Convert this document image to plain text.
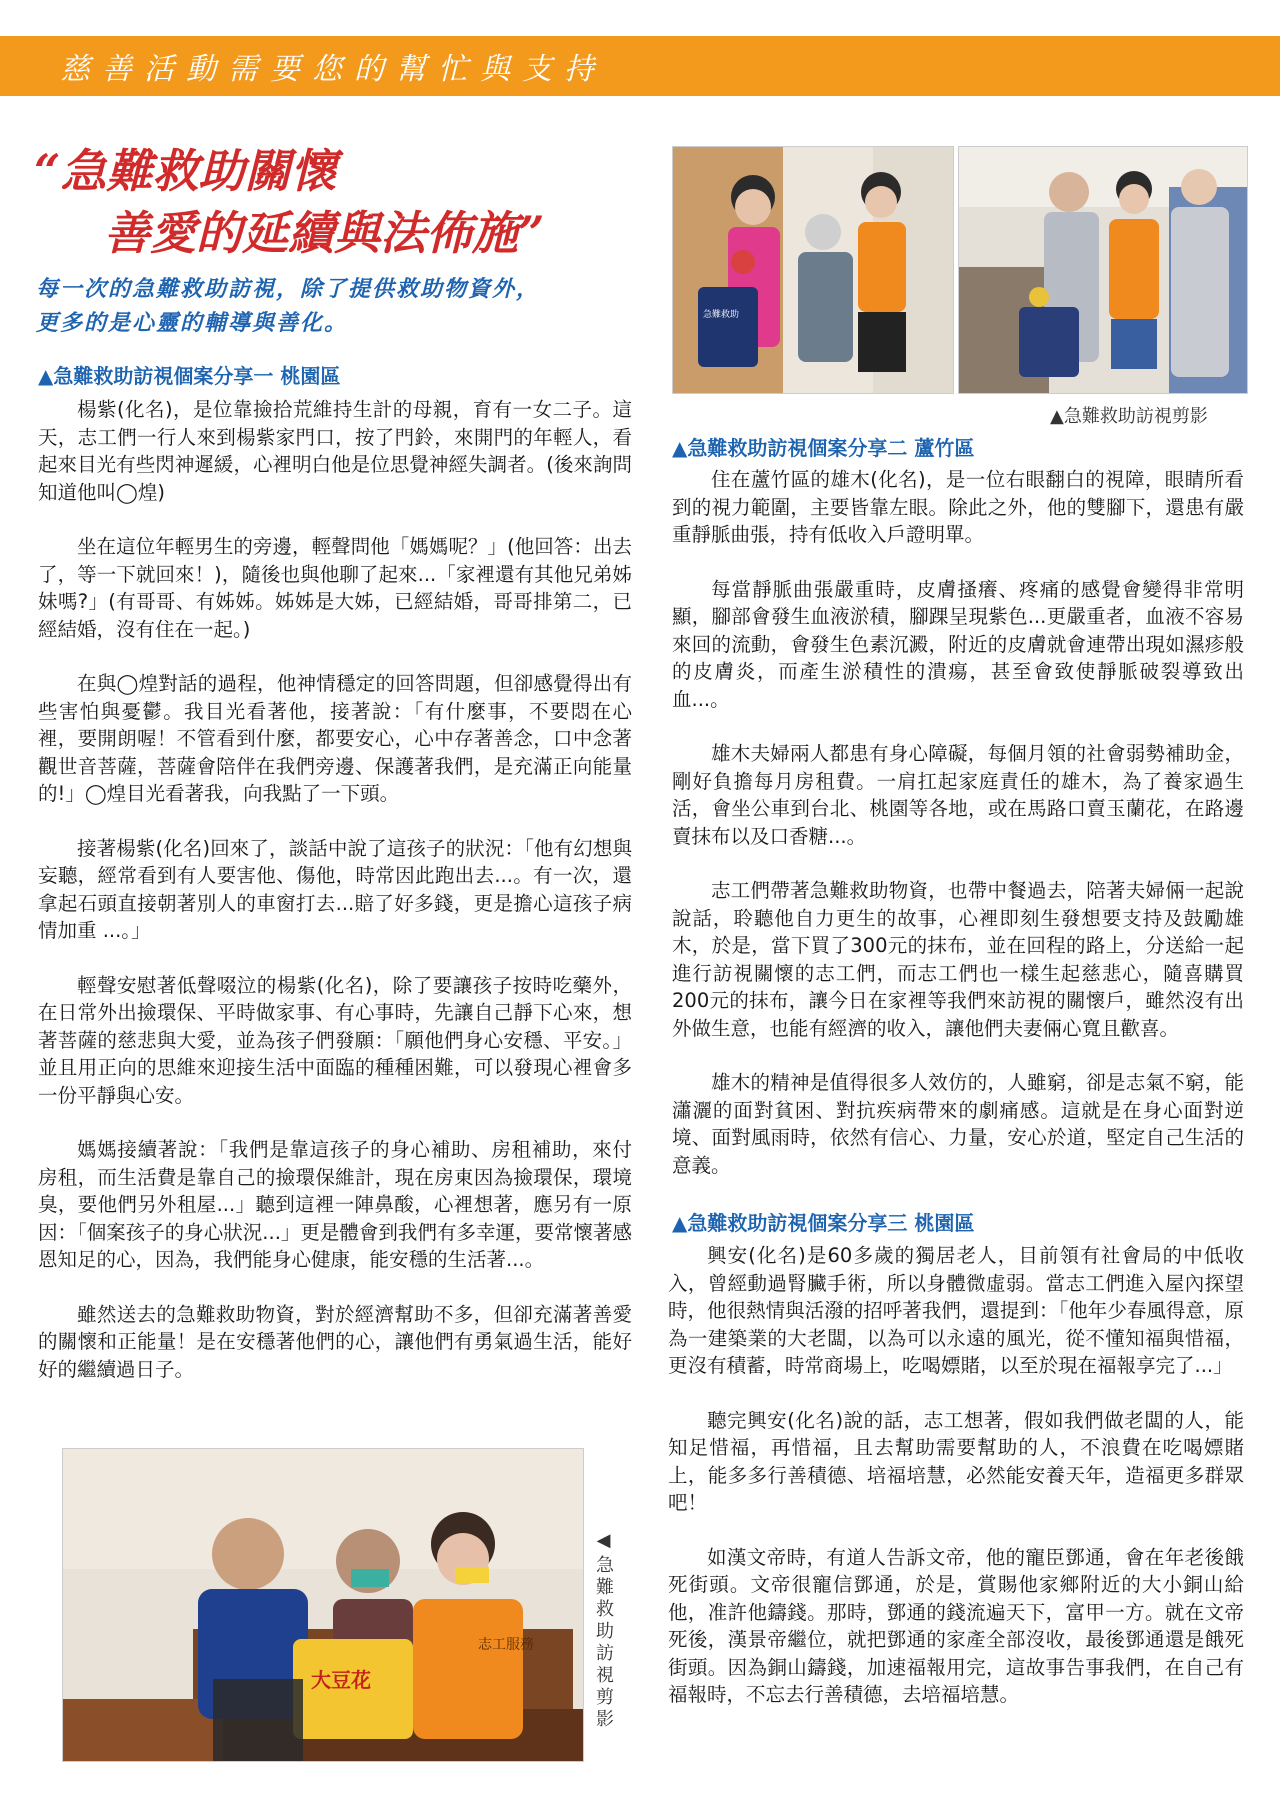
慈善活動需要您的幫忙與支持
“急難救助關懷
善愛的延續與法佈施”
每一次的急難救助訪視，除了提供救助物資外，
更多的是心靈的輔導與善化。
▲急難救助訪視個案分享一 桃園區

楊紫(化名)，是位靠撿拾荒維持生計的母親，育有一女二子。這天，志工們一行人來到楊紫家門口，按了門鈴，來開門的年輕人，看起來目光有些閃神遲緩，心裡明白他是位思覺神經失調者。(後來詢問知道他叫◯煌)

坐在這位年輕男生的旁邊，輕聲問他「媽媽呢？」(他回答：出去了，等一下就回來！)，隨後也與他聊了起來...「家裡還有其他兄弟姊妹嗎?」(有哥哥、有姊姊。姊姊是大姊，已經結婚，哥哥排第二，已經結婚，沒有住在一起。)

在與◯煌對話的過程，他神情穩定的回答問題，但卻感覺得出有些害怕與憂鬱。我目光看著他，接著說：「有什麼事，不要悶在心裡，要開朗喔！不管看到什麼，都要安心，心中存著善念，口中念著觀世音菩薩，菩薩會陪伴在我們旁邊、保護著我們，是充滿正向能量的!」◯煌目光看著我，向我點了一下頭。

接著楊紫(化名)回來了，談話中說了這孩子的狀況：「他有幻想與妄聽，經常看到有人要害他、傷他，時常因此跑出去...。有一次，還拿起石頭直接朝著別人的車窗打去...賠了好多錢，更是擔心這孩子病情加重 ...。」

輕聲安慰著低聲啜泣的楊紫(化名)，除了要讓孩子按時吃藥外，在日常外出撿環保、平時做家事、有心事時，先讓自己靜下心來，想著菩薩的慈悲與大愛，並為孩子們發願：「願他們身心安穩、平安。」並且用正向的思維來迎接生活中面臨的種種困難，可以發現心裡會多一份平靜與心安。

媽媽接續著說：「我們是靠這孩子的身心補助、房租補助，來付房租，而生活費是靠自己的撿環保維計，現在房東因為撿環保，環境臭，要他們另外租屋...」聽到這裡一陣鼻酸，心裡想著，應另有一原因：「個案孩子的身心狀況...」更是體會到我們有多幸運，要常懷著感恩知足的心，因為，我們能身心健康，能安穩的生活著...。

雖然送去的急難救助物資，對於經濟幫助不多，但卻充滿著善愛的關懷和正能量！是在安穩著他們的心，讓他們有勇氣過生活，能好好的繼續過日子。

志工服務
大豆花	◀急難救助訪視剪影
急難救助
▲急難救助訪視剪影
▲急難救助訪視個案分享二 蘆竹區

住在蘆竹區的雄木(化名)，是一位右眼翻白的視障，眼睛所看到的視力範圍，主要皆靠左眼。除此之外，他的雙腳下，還患有嚴重靜脈曲張，持有低收入戶證明單。

每當靜脈曲張嚴重時，皮膚搔癢、疼痛的感覺會變得非常明顯，腳部會發生血液淤積，腳踝呈現紫色...更嚴重者，血液不容易來回的流動，會發生色素沉澱，附近的皮膚就會連帶出現如濕疹般的皮膚炎，而產生淤積性的潰瘍，甚至會致使靜脈破裂導致出血...。

雄木夫婦兩人都患有身心障礙，每個月領的社會弱勢補助金，剛好負擔每月房租費。一肩扛起家庭責任的雄木，為了養家過生活，會坐公車到台北、桃園等各地，或在馬路口賣玉蘭花，在路邊賣抹布以及口香糖...。

志工們帶著急難救助物資，也帶中餐過去，陪著夫婦倆一起說說話，聆聽他自力更生的故事，心裡即刻生發想要支持及鼓勵雄木，於是，當下買了300元的抹布，並在回程的路上，分送給一起進行訪視關懷的志工們，而志工們也一樣生起慈悲心，隨喜購買200元的抹布，讓今日在家裡等我們來訪視的關懷戶，雖然沒有出外做生意，也能有經濟的收入，讓他們夫妻倆心寬且歡喜。

雄木的精神是值得很多人效仿的，人雖窮，卻是志氣不窮，能瀟灑的面對貧困、對抗疾病帶來的劇痛感。這就是在身心面對逆境、面對風雨時，依然有信心、力量，安心於道，堅定自己生活的意義。

▲急難救助訪視個案分享三 桃園區

興安(化名)是60多歲的獨居老人，目前領有社會局的中低收入，曾經動過腎臟手術，所以身體微虛弱。當志工們進入屋內探望時，他很熱情與活潑的招呼著我們，還提到：「他年少春風得意，原為一建築業的大老闆，以為可以永遠的風光，從不懂知福與惜福，更沒有積蓄，時常商場上，吃喝嫖賭，以至於現在福報享完了...」

聽完興安(化名)說的話，志工想著，假如我們做老闆的人，能知足惜福，再惜福，且去幫助需要幫助的人，不浪費在吃喝嫖賭上，能多多行善積德、培福培慧，必然能安養天年，造福更多群眾吧！

如漢文帝時，有道人告訴文帝，他的寵臣鄧通，會在年老後餓死街頭。文帝很寵信鄧通，於是，賞賜他家鄉附近的大小銅山給他，准許他鑄錢。那時，鄧通的錢流遍天下，富甲一方。就在文帝死後，漢景帝繼位，就把鄧通的家產全部沒收，最後鄧通還是餓死街頭。因為銅山鑄錢，加速福報用完，這故事告事我們，在自己有福報時，不忘去行善積德，去培福培慧。
